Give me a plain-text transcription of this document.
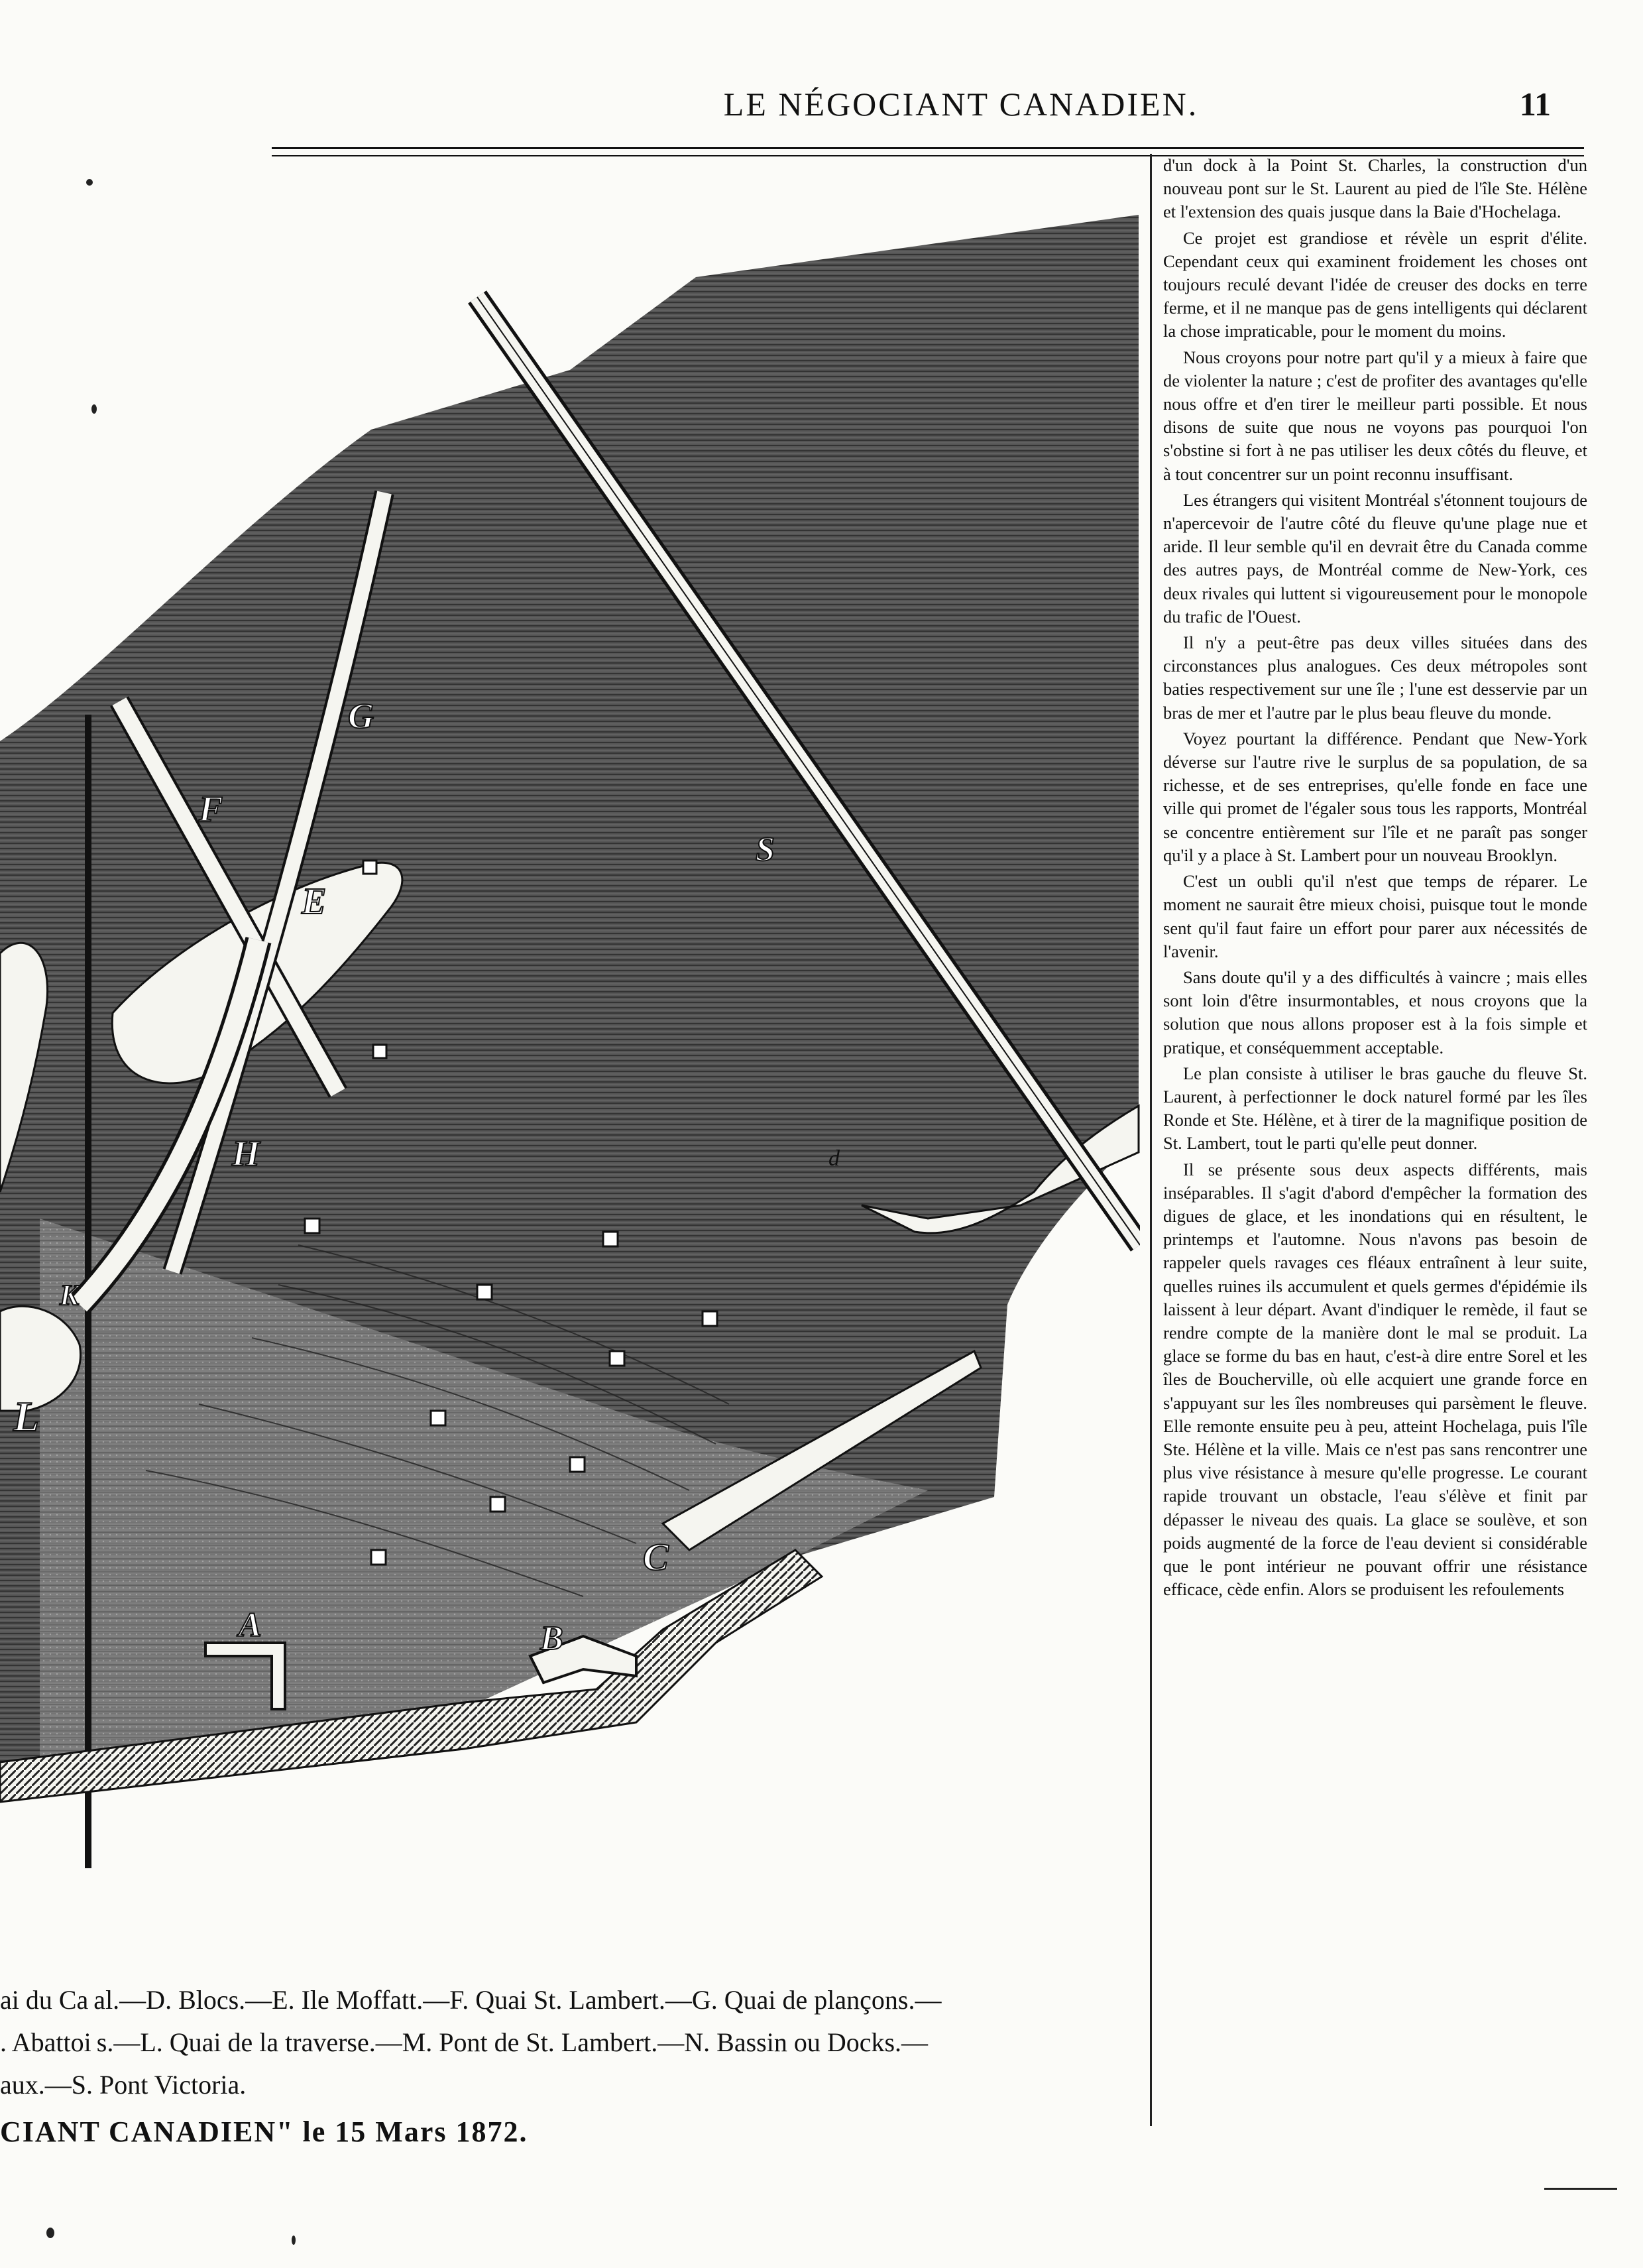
LE NÉGOCIANT CANADIEN.	11
E
F
G
H
L
K
S
C
A	B
d
ai du Ca al.—D. Blocs.—E. Ile Moffatt.—F. Quai St. Lambert.—G. Quai de plançons.—
. Abattoi s.—L. Quai de la traverse.—M. Pont de St. Lambert.—N. Bassin ou Docks.—
aux.—S. Pont Victoria.
CIANT CANADIEN" le 15 Mars 1872.

d'un dock à la Point St. Charles, la construction d'un nouveau pont sur le St. Laurent au pied de l'île Ste. Hélène et l'extension des quais jusque dans la Baie d'Hochelaga.

Ce projet est grandiose et révèle un esprit d'élite. Cependant ceux qui examinent froidement les choses ont toujours reculé devant l'idée de creuser des docks en terre ferme, et il ne manque pas de gens intelligents qui déclarent la chose impraticable, pour le moment du moins.

Nous croyons pour notre part qu'il y a mieux à faire que de violenter la nature ; c'est de profiter des avantages qu'elle nous offre et d'en tirer le meilleur parti possible. Et nous disons de suite que nous ne voyons pas pourquoi l'on s'obstine si fort à ne pas utiliser les deux côtés du fleuve, et à tout concentrer sur un point reconnu insuffisant.

Les étrangers qui visitent Montréal s'étonnent toujours de n'apercevoir de l'autre côté du fleuve qu'une plage nue et aride. Il leur semble qu'il en devrait être du Canada comme des autres pays, de Montréal comme de New-York, ces deux rivales qui luttent si vigoureusement pour le monopole du trafic de l'Ouest.

Il n'y a peut-être pas deux villes situées dans des circonstances plus analogues. Ces deux métropoles sont baties respectivement sur une île ; l'une est desservie par un bras de mer et l'autre par le plus beau fleuve du monde.

Voyez pourtant la différence. Pendant que New-York déverse sur l'autre rive le surplus de sa population, de sa richesse, et de ses entreprises, qu'elle fonde en face une ville qui promet de l'égaler sous tous les rapports, Montréal se concentre entièrement sur l'île et ne paraît pas songer qu'il y a place à St. Lambert pour un nouveau Brooklyn.

C'est un oubli qu'il n'est que temps de réparer. Le moment ne saurait être mieux choisi, puisque tout le monde sent qu'il faut faire un effort pour parer aux nécessités de l'avenir.

Sans doute qu'il y a des difficultés à vaincre ; mais elles sont loin d'être insurmontables, et nous croyons que la solution que nous allons proposer est à la fois simple et pratique, et conséquemment acceptable.

Le plan consiste à utiliser le bras gauche du fleuve St. Laurent, à perfectionner le dock naturel formé par les îles Ronde et Ste. Hélène, et à tirer de la magnifique position de St. Lambert, tout le parti qu'elle peut donner.

Il se présente sous deux aspects différents, mais inséparables. Il s'agit d'abord d'empêcher la formation des digues de glace, et les inondations qui en résultent, le printemps et l'automne. Nous n'avons pas besoin de rappeler quels ravages ces fléaux entraînent à leur suite, quelles ruines ils accumulent et quels germes d'épidémie ils laissent à leur départ. Avant d'indiquer le remède, il faut se rendre compte de la manière dont le mal se produit. La glace se forme du bas en haut, c'est-à dire entre Sorel et les îles de Boucherville, où elle acquiert une grande force en s'appuyant sur les îles nombreuses qui parsèment le fleuve. Elle remonte ensuite peu à peu, atteint Hochelaga, puis l'île Ste. Hélène et la ville. Mais ce n'est pas sans rencontrer une plus vive résistance à mesure qu'elle progresse. Le courant rapide trouvant un obstacle, l'eau s'élève et finit par dépasser le niveau des quais. La glace se soulève, et son poids augmenté de la force de l'eau devient si considérable que le pont intérieur ne pouvant offrir une résistance efficace, cède enfin. Alors se produisent les refoulements
